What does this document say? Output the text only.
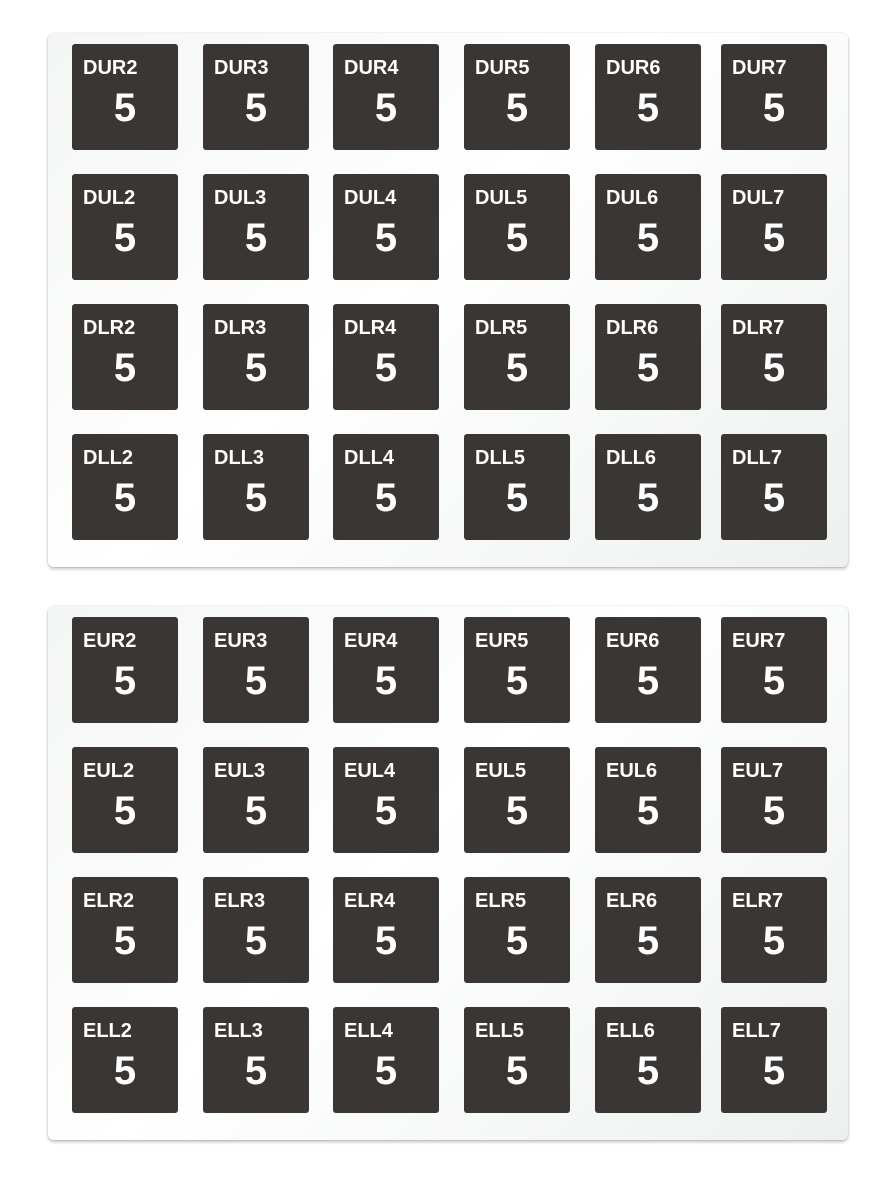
DUR2
5
DUR3
5
DUR4
5
DUR5
5
DUR6
5
DUR7
5
DUL2
5
DUL3
5
DUL4
5
DUL5
5
DUL6
5
DUL7
5
DLR2
5
DLR3
5
DLR4
5
DLR5
5
DLR6
5
DLR7
5
DLL2
5
DLL3
5
DLL4
5
DLL5
5
DLL6
5
DLL7
5
EUR2
5
EUR3
5
EUR4
5
EUR5
5
EUR6
5
EUR7
5
EUL2
5
EUL3
5
EUL4
5
EUL5
5
EUL6
5
EUL7
5
ELR2
5
ELR3
5
ELR4
5
ELR5
5
ELR6
5
ELR7
5
ELL2
5
ELL3
5
ELL4
5
ELL5
5
ELL6
5
ELL7
5
